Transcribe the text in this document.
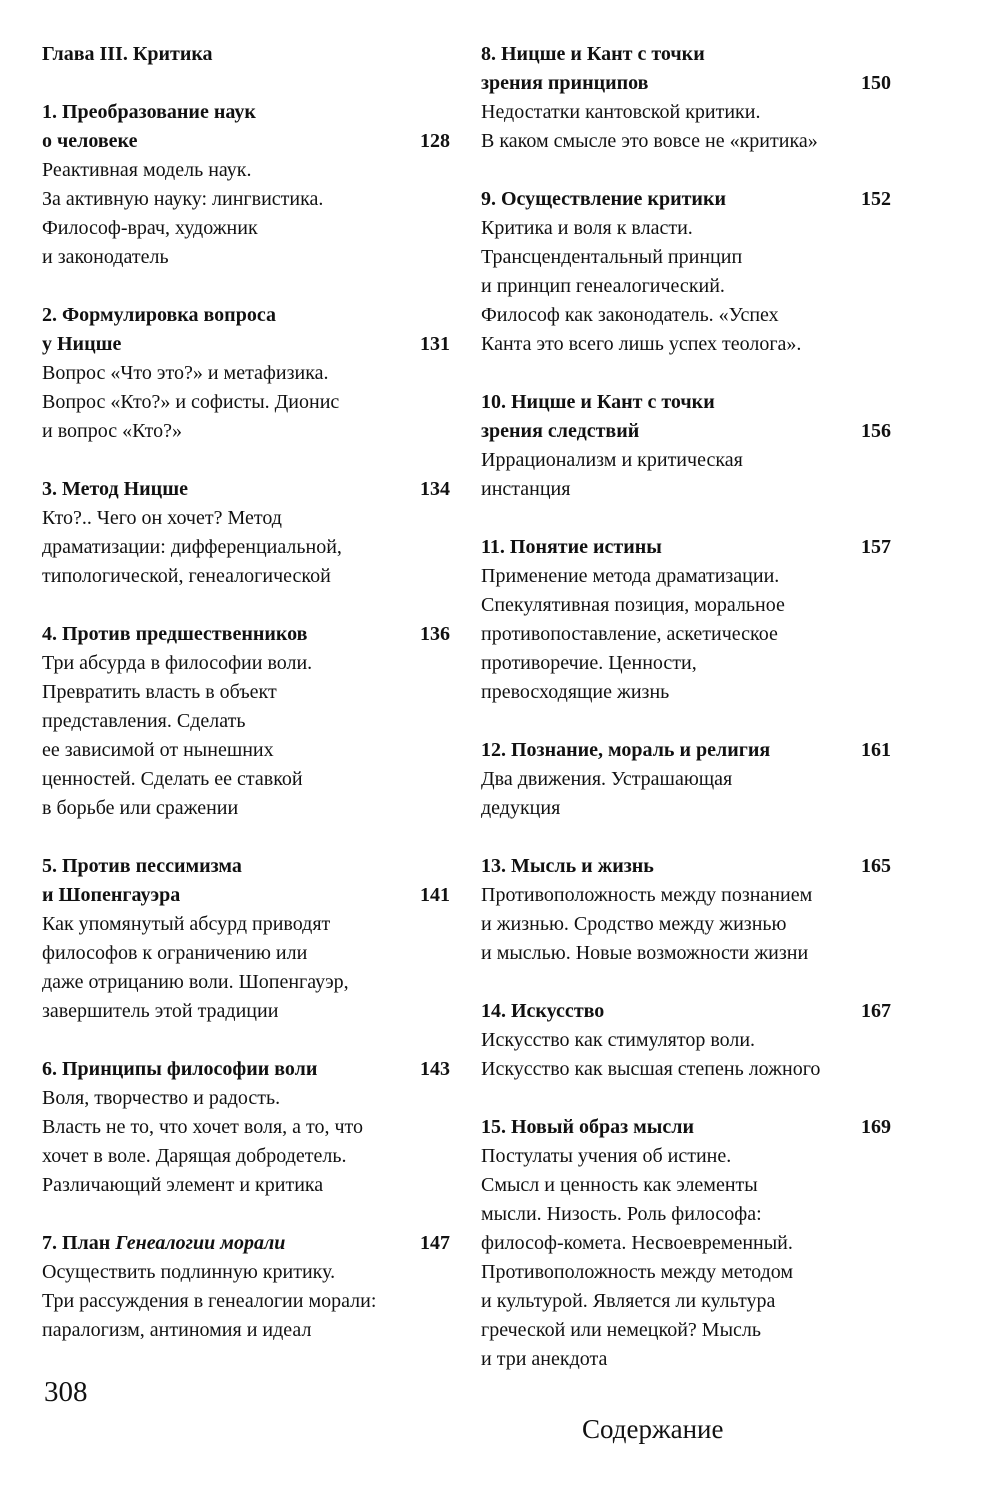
Глава III. Критика
1. Преобразование наук
о человеке	128
Реактивная модель наук.
За активную науку: лингвистика.
Философ-врач, художник
и законодатель
2. Формулировка вопроса
у Ницше	131
Вопрос «Что это?» и метафизика.
Вопрос «Кто?» и софисты. Дионис
и вопрос «Кто?»
3. Метод Ницше	134
Кто?.. Чего он хочет? Метод
драматизации: дифференциальной,
типологической, генеалогической
4. Против предшественников	136
Три абсурда в философии воли.
Превратить власть в объект
представления. Сделать
ее зависимой от нынешних
ценностей. Сделать ее ставкой
в борьбе или сражении
5. Против пессимизма
и Шопенгауэра	141
Как упомянутый абсурд приводят
философов к ограничению или
даже отрицанию воли. Шопенгауэр,
завершитель этой традиции
6. Принципы философии воли	143
Воля, творчество и радость.
Власть не то, что хочет воля, а то, что
хочет в воле. Дарящая добродетель.
Различающий элемент и критика
7. План Генеалогии морали	147
Осуществить подлинную критику.
Три рассуждения в генеалогии морали:
паралогизм, антиномия и идеал
8. Ницше и Кант с точки
зрения принципов	150
Недостатки кантовской критики.
В каком смысле это вовсе не «критика»
9. Осуществление критики	152
Критика и воля к власти.
Трансцендентальный принцип
и принцип генеалогический.
Философ как законодатель. «Успех
Канта это всего лишь успех теолога».
10. Ницше и Кант с точки
зрения следствий	156
Иррационализм и критическая
инстанция
11. Понятие истины	157
Применение метода драматизации.
Спекулятивная позиция, моральное
противопоставление, аскетическое
противоречие. Ценности,
превосходящие жизнь
12. Познание, мораль и религия	161
Два движения. Устрашающая
дедукция
13. Мысль и жизнь	165
Противоположность между познанием
и жизнью. Сродство между жизнью
и мыслью. Новые возможности жизни
14. Искусство	167
Искусство как стимулятор воли.
Искусство как высшая степень ложного
15. Новый образ мысли	169
Постулаты учения об истине.
Смысл и ценность как элементы
мысли. Низость. Роль философа:
философ-комета. Несвоевременный.
Противоположность между методом
и культурой. Является ли культура
греческой или немецкой? Мысль
и три анекдота
308
Содержание
